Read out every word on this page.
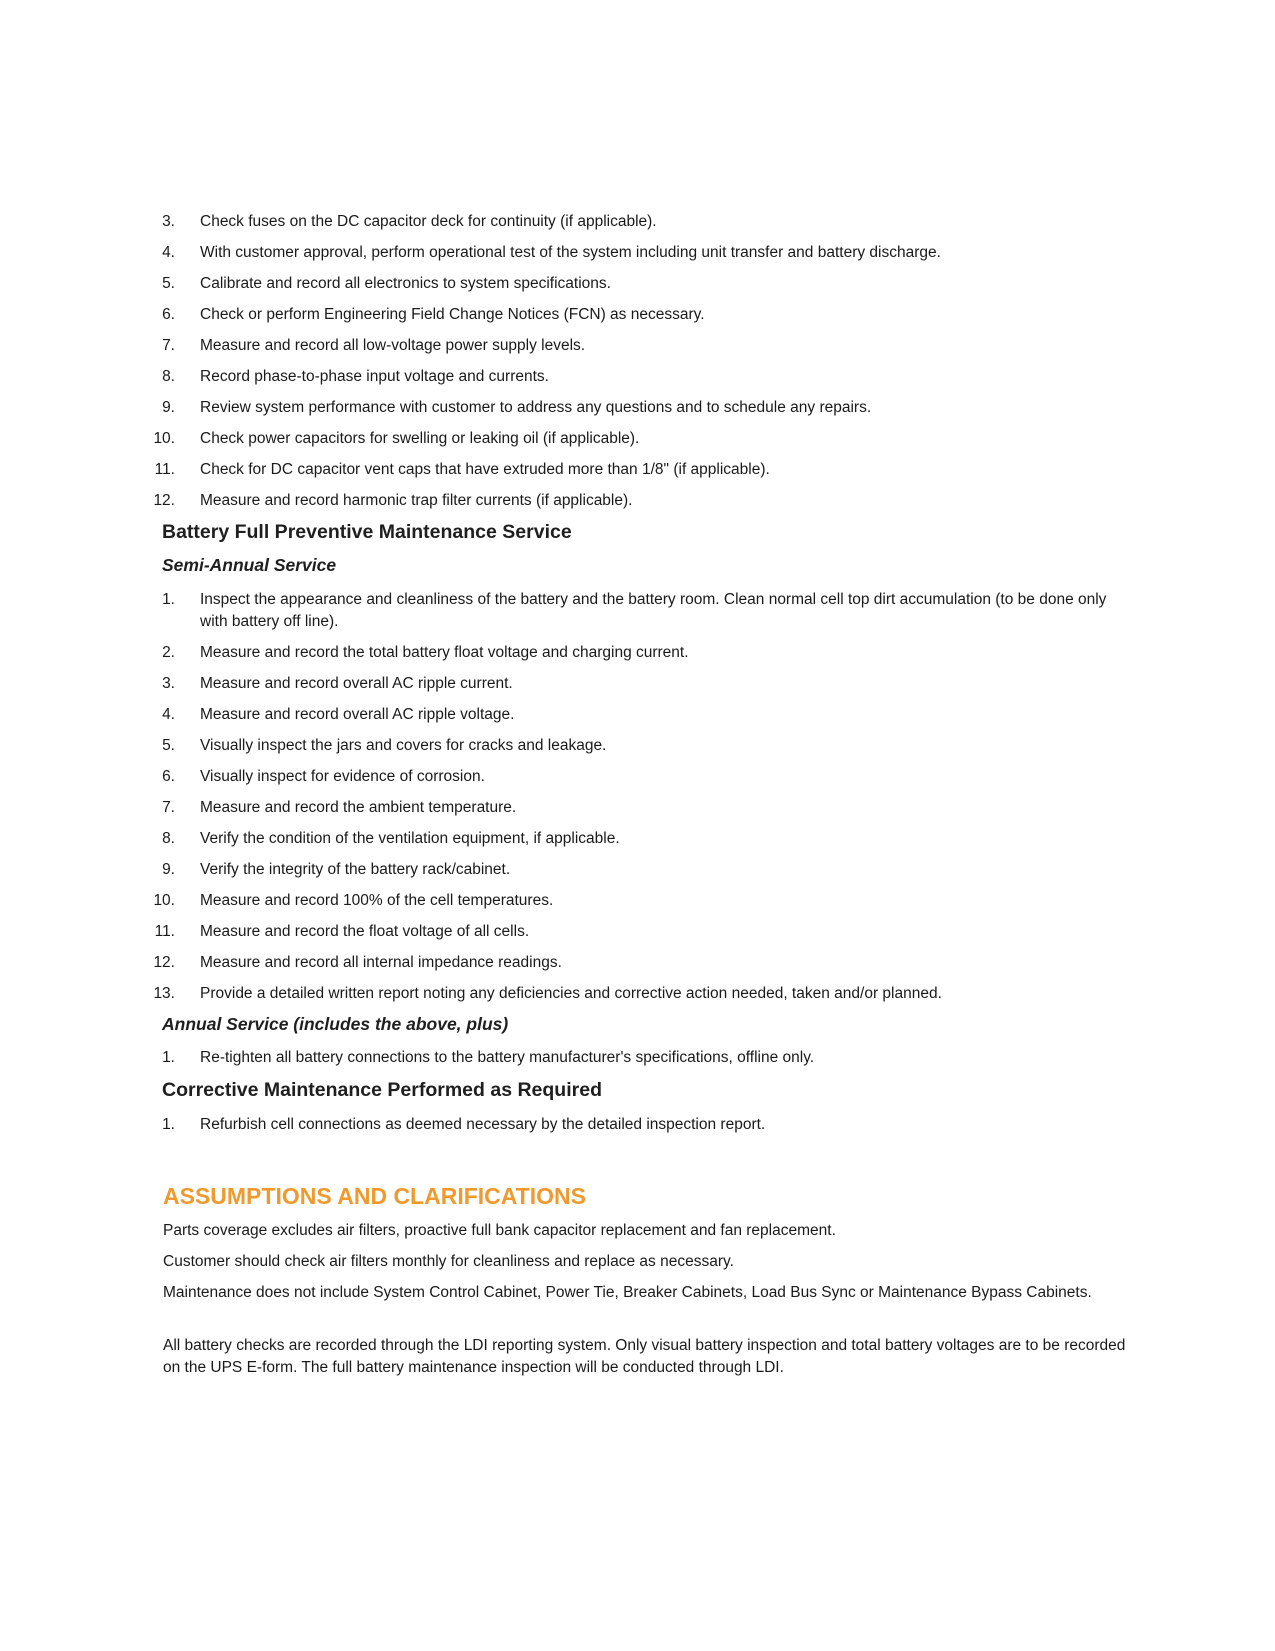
3. Check fuses on the DC capacitor deck for continuity (if applicable).
4. With customer approval, perform operational test of the system including unit transfer and battery discharge.
5. Calibrate and record all electronics to system specifications.
6. Check or perform Engineering Field Change Notices (FCN) as necessary.
7. Measure and record all low-voltage power supply levels.
8. Record phase-to-phase input voltage and currents.
9. Review system performance with customer to address any questions and to schedule any repairs.
10. Check power capacitors for swelling or leaking oil (if applicable).
11. Check for DC capacitor vent caps that have extruded more than 1/8" (if applicable).
12. Measure and record harmonic trap filter currents (if applicable).
Battery Full Preventive Maintenance Service
Semi-Annual Service
1. Inspect the appearance and cleanliness of the battery and the battery room. Clean normal cell top dirt accumulation (to be done only with battery off line).
2. Measure and record the total battery float voltage and charging current.
3. Measure and record overall AC ripple current.
4. Measure and record overall AC ripple voltage.
5. Visually inspect the jars and covers for cracks and leakage.
6. Visually inspect for evidence of corrosion.
7. Measure and record the ambient temperature.
8. Verify the condition of the ventilation equipment, if applicable.
9. Verify the integrity of the battery rack/cabinet.
10. Measure and record 100% of the cell temperatures.
11. Measure and record the float voltage of all cells.
12. Measure and record all internal impedance readings.
13. Provide a detailed written report noting any deficiencies and corrective action needed, taken and/or planned.
Annual Service (includes the above, plus)
1. Re-tighten all battery connections to the battery manufacturer's specifications, offline only.
Corrective Maintenance Performed as Required
1. Refurbish cell connections as deemed necessary by the detailed inspection report.
ASSUMPTIONS AND CLARIFICATIONS
Parts coverage excludes air filters, proactive full bank capacitor replacement and fan replacement.
Customer should check air filters monthly for cleanliness and replace as necessary.
Maintenance does not include System Control Cabinet, Power Tie, Breaker Cabinets, Load Bus Sync or Maintenance Bypass Cabinets.
All battery checks are recorded through the LDI reporting system. Only visual battery inspection and total battery voltages are to be recorded on the UPS E-form. The full battery maintenance inspection will be conducted through LDI.
